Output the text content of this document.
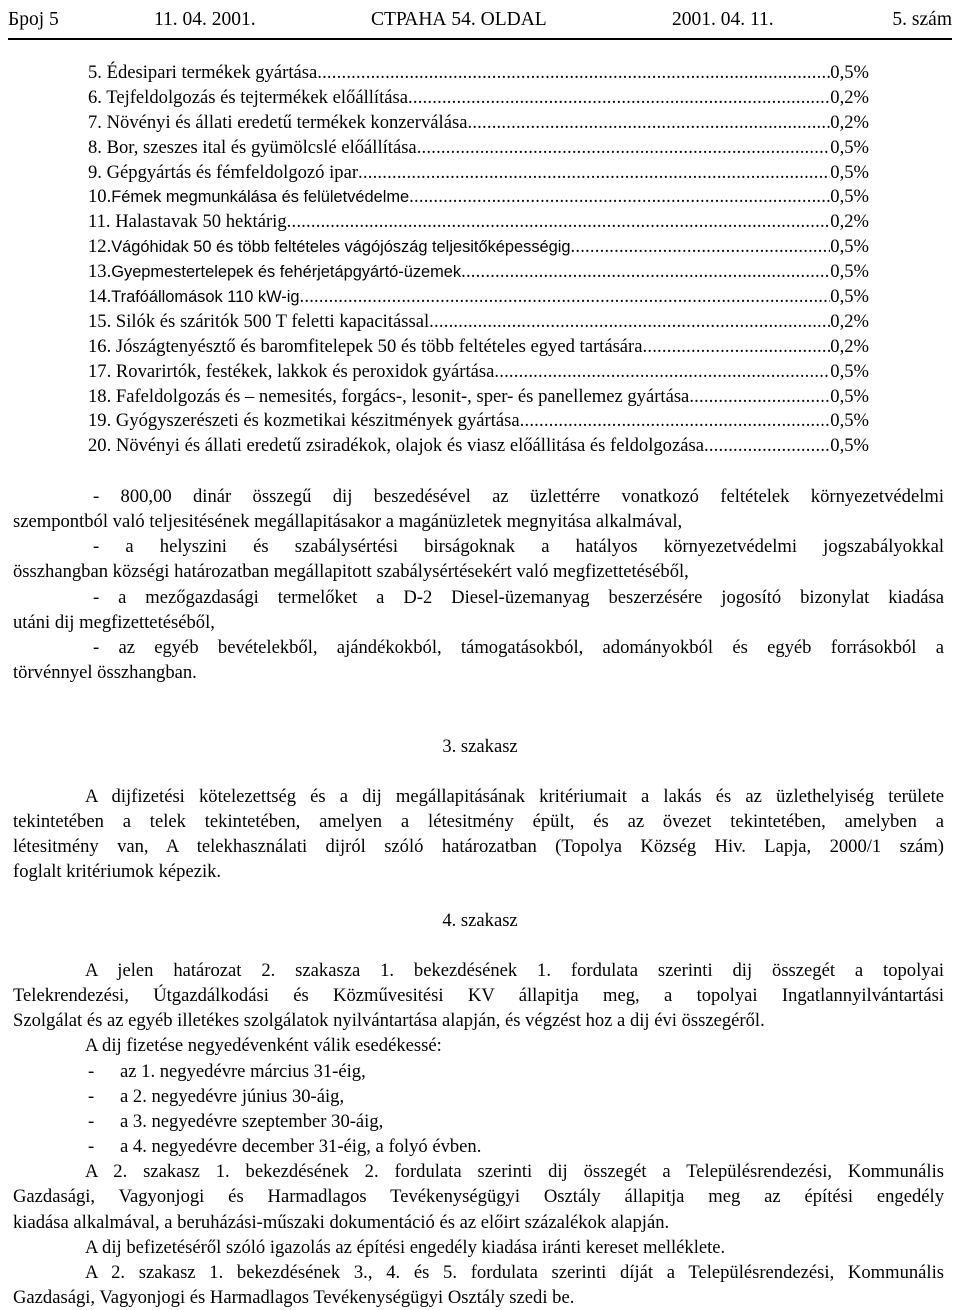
Бpoj 5	11. 04. 2001.	СТРАНА 54. OLDAL	2001. 04. 11.	5. szám
5. Édesipari termékek gyártása .....	0,5%
6. Tejfeldolgozás és tejtermékek előállítása .....	0,2%
7. Növényi és állati eredetű termékek konzerválása .....	0,2%
8. Bor, szeszes ital és gyümölcslé előállítása .....	0,5%
9. Gépgyártás és fémfeldolgozó ipar .....	0,5%
10. Fémek megmunkálása és felületvédelme .....	0,5%
11. Halastavak 50 hektárig .....	0,2%
12. Vágóhidak 50 és több feltételes vágójószág teljesitőképességig .....	0,5%
13. Gyepmestertelepek és fehérjetápgyártó-üzemek .....	0,5%
14. Trafóállomások 110 kW-ig .....	0,5%
15. Silók és száritók 500 T feletti kapacitással .....	0,2%
16. Jószágtenyésztő és baromfitelepek 50 és több feltételes egyed tartására .....	0,2%
17. Rovarirtók, festékek, lakkok és peroxidok gyártása .....	0,5%
18. Fafeldolgozás és – nemesités, forgács-, lesonit-, sper- és panellemez gyártása .....	0,5%
19. Gyógyszerészeti és kozmetikai készitmények gyártása .....	0,5%
20. Növényi és állati eredetű zsiradékok, olajok és viasz előállitása és feldolgozása .....	0,5%
- 800,00 dinár összegű dij beszedésével az üzlettérre vonatkozó feltételek környezetvédelmi
szempontból való teljesitésének megállapitásakor a magánüzletek megnyitása alkalmával,
- a helyszini és szabálysértési birságoknak a hatályos környezetvédelmi jogszabályokkal
összhangban községi határozatban megállapitott szabálysértésekért való megfizettetéséből,
- a mezőgazdasági termelőket a D-2 Diesel-üzemanyag beszerzésére jogosító bizonylat kiadása
utáni dij megfizettetéséből,
- az egyéb bevételekből, ajándékokból, támogatásokból, adományokból és egyéb forrásokból a
törvénnyel összhangban.
3. szakasz
A dijfizetési kötelezettség és a dij megállapitásának kritériumait a lakás és az üzlethelyiség területe
tekintetében a telek tekintetében, amelyen a létesitmény épült, és az övezet tekintetében, amelyben a
létesitmény van, A telekhasználati dijról szóló határozatban (Topolya Község Hiv. Lapja, 2000/1 szám)
foglalt kritériumok képezik.
4. szakasz
A jelen határozat 2. szakasza 1. bekezdésének 1. fordulata szerinti dij összegét a topolyai
Telekrendezési, Útgazdálkodási és Közművesitési KV állapitja meg, a topolyai Ingatlannyilvántartási
Szolgálat és az egyéb illetékes szolgálatok nyilvántartása alapján, és végzést hoz a dij évi összegéről.
A dij fizetése negyedévenként válik esedékessé:
-	az 1. negyedévre március 31-éig,
-	a 2. negyedévre június 30-áig,
-	a 3. negyedévre szeptember 30-áig,
-	a 4. negyedévre december 31-éig, a folyó évben.
A 2. szakasz 1. bekezdésének 2. fordulata szerinti dij összegét a Településrendezési, Kommunális
Gazdasági, Vagyonjogi és Harmadlagos Tevékenységügyi Osztály állapitja meg az építési engedély
kiadása alkalmával, a beruházási-műszaki dokumentáció és az előirt százalékok alapján.
A dij befizetéséről szóló igazolás az építési engedély kiadása iránti kereset melléklete.
A 2. szakasz 1. bekezdésének 3., 4. és 5. fordulata szerinti díját a Településrendezési, Kommunális
Gazdasági, Vagyonjogi és Harmadlagos Tevékenységügyi Osztály szedi be.
